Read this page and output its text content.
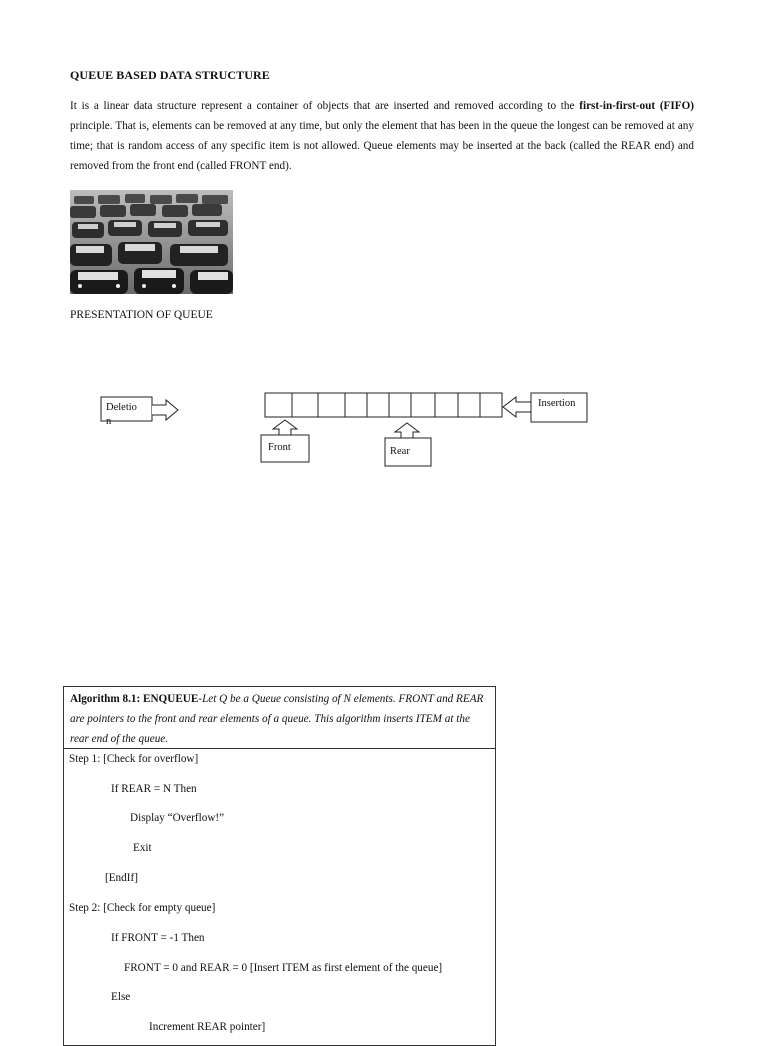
QUEUE BASED DATA STRUCTURE
It is a linear data structure represent a container of objects that are inserted and removed according to the first-in-first-out (FIFO) principle. That is, elements can be removed at any time, but only the element that has been in the queue the longest can be removed at any time; that is random access of any specific item is not allowed. Queue elements may be inserted at the back (called the REAR end) and removed from the front end (called FRONT end).
PRESENTATION OF QUEUE
Deletio
n
Insertion
Front	Rear
Algorithm 8.1: ENQUEUE-Let Q be a Queue consisting of N elements. FRONT and REAR are pointers to the front and rear elements of a queue. This algorithm inserts ITEM at the rear end of the queue.
Step 1: [Check for overflow]
If REAR = N Then
Display “Overflow!”
Exit
[EndIf]
Step 2: [Check for empty queue]
If FRONT = -1 Then
FRONT = 0 and REAR = 0 [Insert ITEM as first element of the queue]
Else
Increment REAR pointer]
